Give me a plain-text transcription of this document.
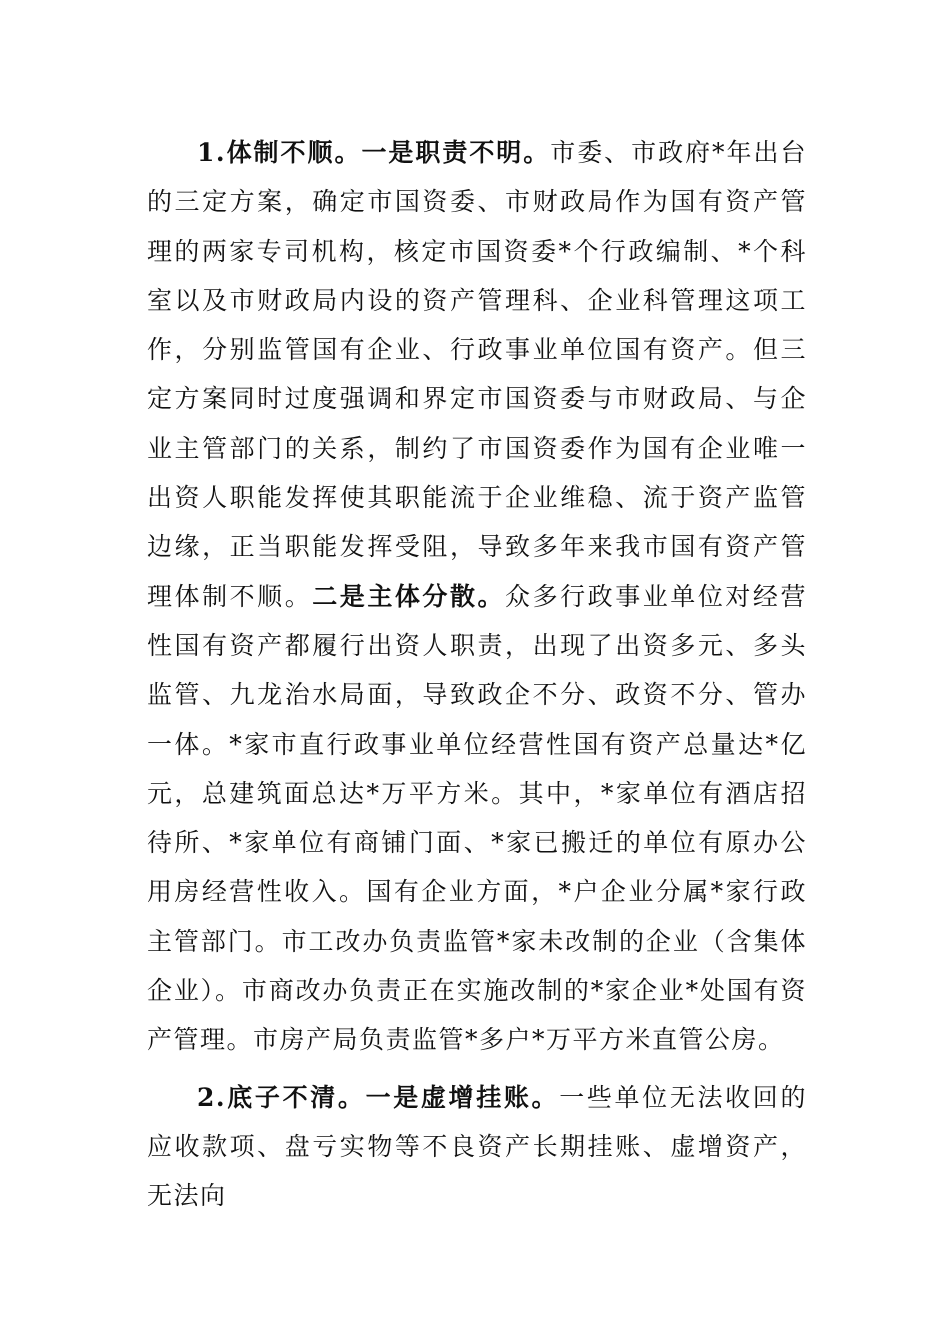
1.体制不顺。一是职责不明。市委、市政府*年出台的三定方案，确定市国资委、市财政局作为国有资产管理的两家专司机构，核定市国资委*个行政编制、*个科室以及市财政局内设的资产管理科、企业科管理这项工作，分别监管国有企业、行政事业单位国有资产。但三定方案同时过度强调和界定市国资委与市财政局、与企业主管部门的关系，制约了市国资委作为国有企业唯一出资人职能发挥使其职能流于企业维稳、流于资产监管边缘，正当职能发挥受阻，导致多年来我市国有资产管理体制不顺。二是主体分散。众多行政事业单位对经营性国有资产都履行出资人职责，出现了出资多元、多头监管、九龙治水局面，导致政企不分、政资不分、管办一体。*家市直行政事业单位经营性国有资产总量达*亿元，总建筑面总达*万平方米。其中，*家单位有酒店招待所、*家单位有商铺门面、*家已搬迁的单位有原办公用房经营性收入。国有企业方面，*户企业分属*家行政主管部门。市工改办负责监管*家未改制的企业（含集体企业）。市商改办负责正在实施改制的*家企业*处国有资产管理。市房产局负责监管*多户*万平方米直管公房。

2.底子不清。一是虚增挂账。一些单位无法收回的应收款项、盘亏实物等不良资产长期挂账、虚增资产，无法向
